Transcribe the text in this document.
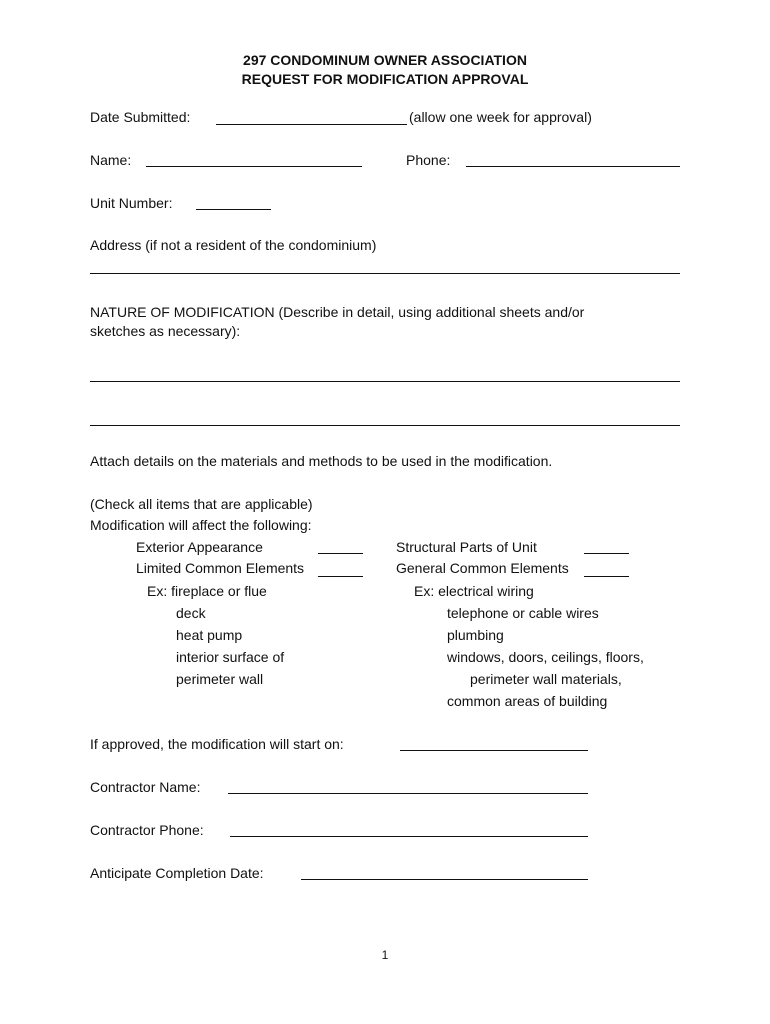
297 CONDOMINUM OWNER ASSOCIATION
REQUEST FOR MODIFICATION APPROVAL
Date Submitted:	(allow one week for approval)
Name:	Phone:
Unit Number:
Address (if not a resident of the condominium)
NATURE OF MODIFICATION (Describe in detail, using additional sheets and/or
sketches as necessary):
Attach details on the materials and methods to be used in the modification.
(Check all items that are applicable)
Modification will affect the following:
Exterior Appearance
Limited Common Elements
Ex: fireplace or flue
deck
heat pump
interior surface of
perimeter wall
Structural Parts of Unit
General Common Elements
Ex: electrical wiring
telephone or cable wires
plumbing
windows, doors, ceilings, floors,
perimeter wall materials,
common areas of building
If approved, the modification will start on:
Contractor Name:
Contractor Phone:
Anticipate Completion Date:
1
